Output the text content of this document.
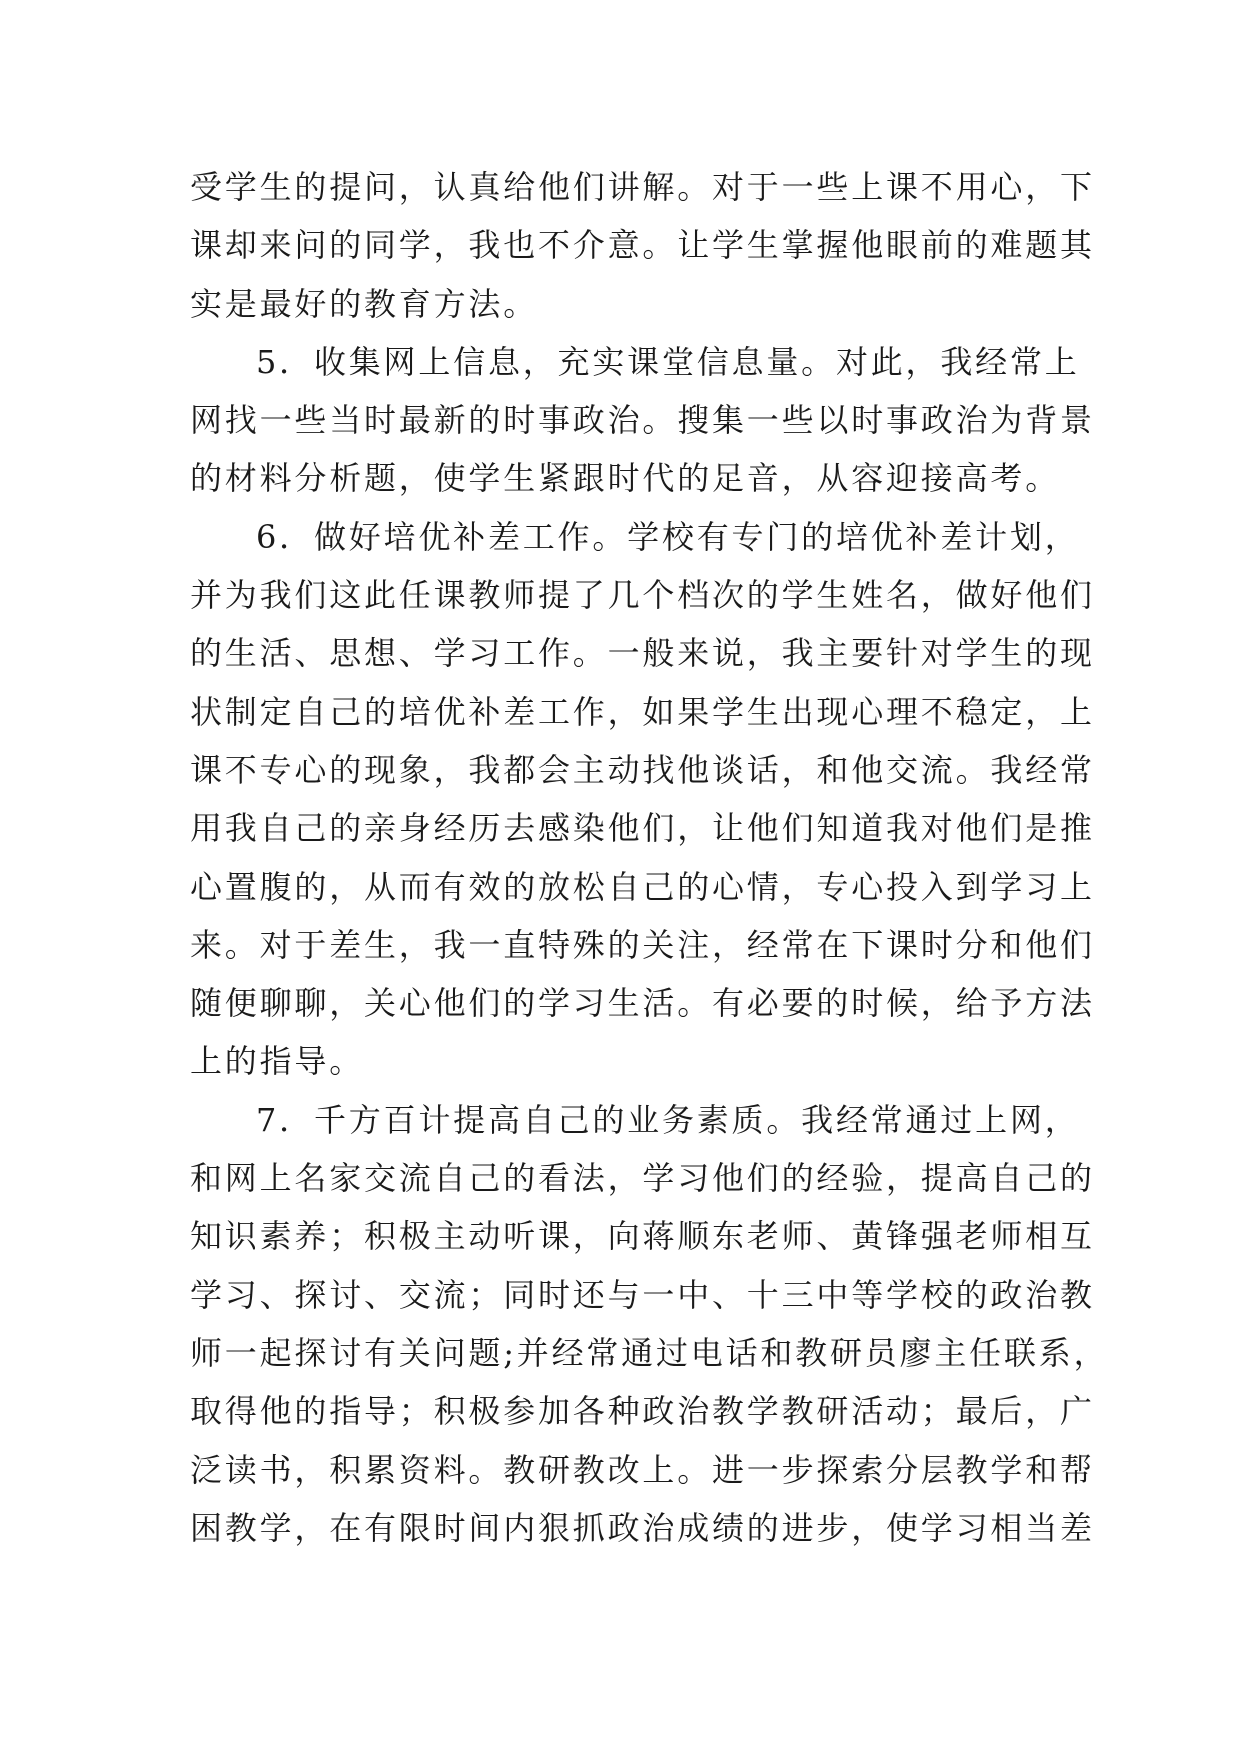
受学生的提问，认真给他们讲解。对于一些上课不用心，下
课却来问的同学，我也不介意。让学生掌握他眼前的难题其
实是最好的教育方法。
5．收集网上信息，充实课堂信息量。对此，我经常上
网找一些当时最新的时事政治。搜集一些以时事政治为背景
的材料分析题，使学生紧跟时代的足音，从容迎接高考。
6．做好培优补差工作。学校有专门的培优补差计划，
并为我们这此任课教师提了几个档次的学生姓名，做好他们
的生活、思想、学习工作。一般来说，我主要针对学生的现
状制定自己的培优补差工作，如果学生出现心理不稳定，上
课不专心的现象，我都会主动找他谈话，和他交流。我经常
用我自己的亲身经历去感染他们，让他们知道我对他们是推
心置腹的，从而有效的放松自己的心情，专心投入到学习上
来。对于差生，我一直特殊的关注，经常在下课时分和他们
随便聊聊，关心他们的学习生活。有必要的时候，给予方法
上的指导。
7．千方百计提高自己的业务素质。我经常通过上网，
和网上名家交流自己的看法，学习他们的经验，提高自己的
知识素养；积极主动听课，向蒋顺东老师、黄锋强老师相互
学习、探讨、交流；同时还与一中、十三中等学校的政治教
师一起探讨有关问题;并经常通过电话和教研员廖主任联系，
取得他的指导；积极参加各种政治教学教研活动；最后，广
泛读书，积累资料。教研教改上。进一步探索分层教学和帮
困教学，在有限时间内狠抓政治成绩的进步，使学习相当差
